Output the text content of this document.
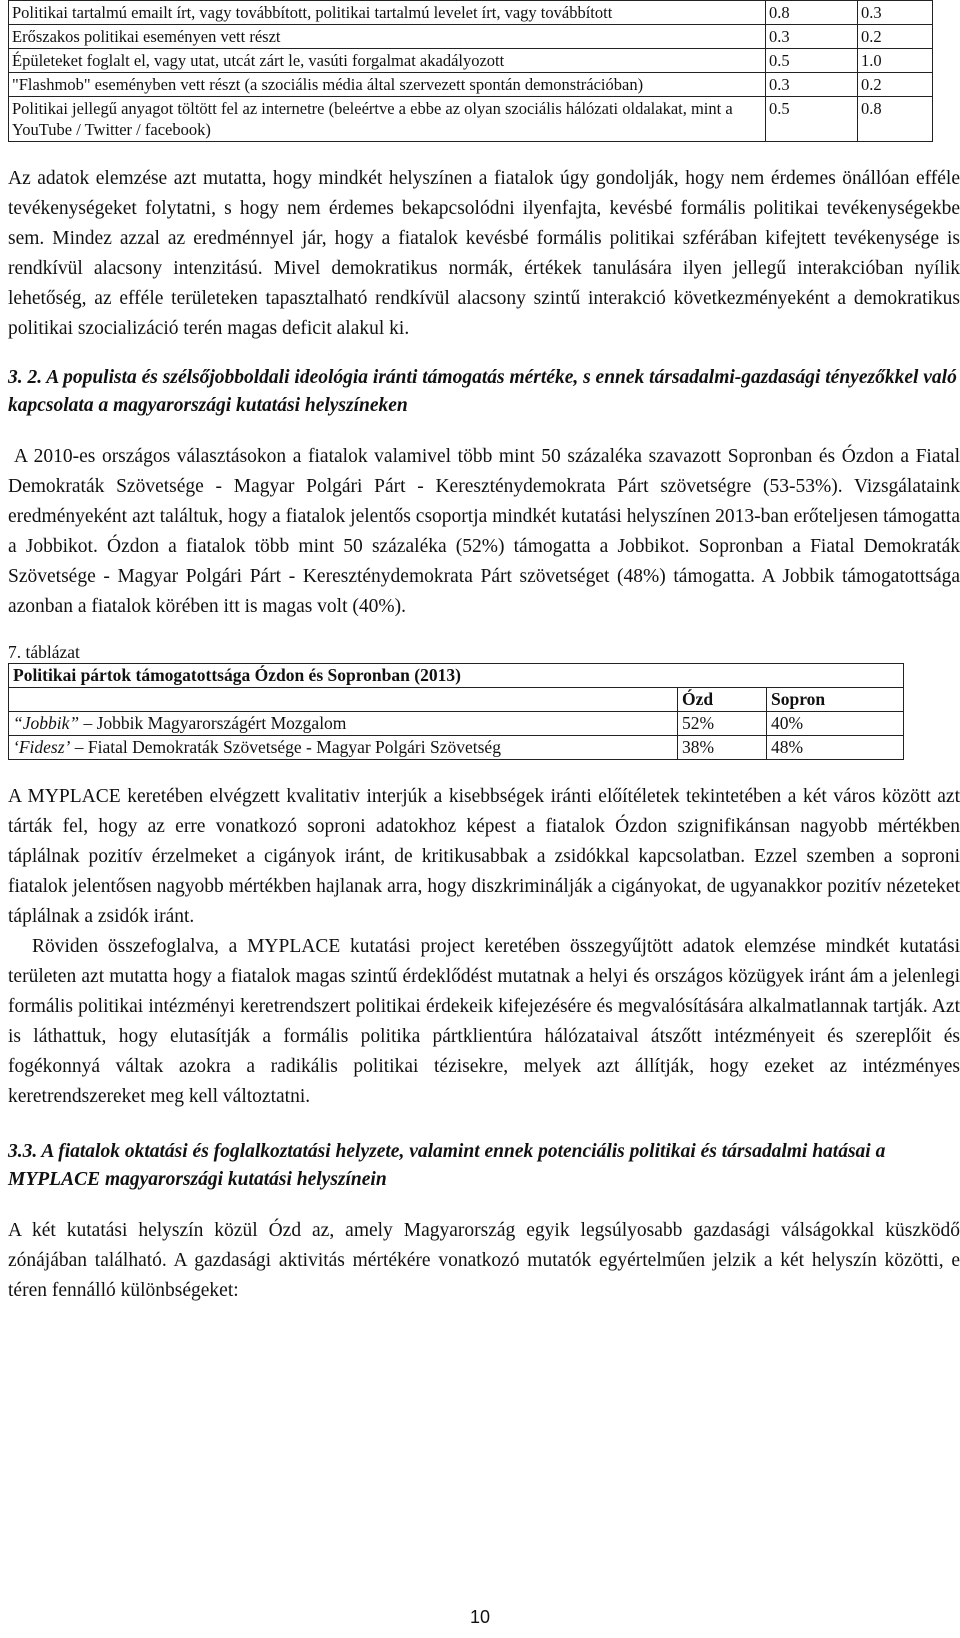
Politikai tartalmú emailt írt, vagy továbbított, politikai tartalmú levelet írt, vagy továbbított	0.8	0.3
Erőszakos politikai eseményen vett részt	0.3	0.2
Épületeket foglalt el, vagy utat, utcát zárt le, vasúti forgalmat akadályozott	0.5	1.0
"Flashmob" eseményben vett részt (a szociális média által szervezett spontán demonstrációban)	0.3	0.2
Politikai jellegű anyagot töltött fel az internetre (beleértve a ebbe az olyan szociális hálózati oldalakat, mint a YouTube / Twitter / facebook)	0.5	0.8

Az adatok elemzése azt mutatta, hogy mindkét helyszínen a fiatalok úgy gondolják, hogy nem érdemes önállóan efféle tevékenységeket folytatni, s hogy nem érdemes bekapcsolódni ilyenfajta, kevésbé formális politikai tevékenységekbe sem. Mindez azzal az eredménnyel jár, hogy a fiatalok kevésbé formális politikai szférában kifejtett tevékenysége is rendkívül alacsony intenzitású. Mivel demokratikus normák, értékek tanulására ilyen jellegű interakcióban nyílik lehetőség, az efféle területeken tapasztalható rendkívül alacsony szintű interakció következményeként a demokratikus politikai szocializáció terén magas deficit alakul ki.

3. 2. A populista és szélsőjobboldali ideológia iránti támogatás mértéke, s ennek társadalmi-gazdasági tényezőkkel való kapcsolata a magyarországi kutatási helyszíneken

A 2010-es országos választásokon a fiatalok valamivel több mint 50 százaléka szavazott Sopronban és Ózdon a Fiatal Demokraták Szövetsége - Magyar Polgári Párt - Kereszténydemokrata Párt szövetségre (53-53%). Vizsgálataink eredményeként azt találtuk, hogy a fiatalok jelentős csoportja mindkét kutatási helyszínen 2013-ban erőteljesen támogatta a Jobbikot. Ózdon a fiatalok több mint 50 százaléka (52%) támogatta a Jobbikot. Sopronban a Fiatal Demokraták Szövetsége - Magyar Polgári Párt - Kereszténydemokrata Párt szövetséget (48%) támogatta. A Jobbik támogatottsága azonban a fiatalok körében itt is magas volt (40%).

7. táblázat
Politikai pártok támogatottsága Ózdon és Sopronban (2013)		
	Ózd	Sopron
“Jobbik” – Jobbik Magyarországért Mozgalom	52%	40%
‘Fidesz’ – Fiatal Demokraták Szövetsége - Magyar Polgári Szövetség	38%	48%

A MYPLACE keretében elvégzett kvalitativ interjúk a kisebbségek iránti előítéletek tekintetében a két város között azt tárták fel, hogy az erre vonatkozó soproni adatokhoz képest a fiatalok Ózdon szignifikánsan nagyobb mértékben táplálnak pozitív érzelmeket a cigányok iránt, de kritikusabbak a zsidókkal kapcsolatban. Ezzel szemben a soproni fiatalok jelentősen nagyobb mértékben hajlanak arra, hogy diszkriminálják a cigányokat, de ugyanakkor pozitív nézeteket táplálnak a zsidók iránt.

Röviden összefoglalva, a MYPLACE kutatási project keretében összegyűjtött adatok elemzése mindkét kutatási területen azt mutatta hogy a fiatalok magas szintű érdeklődést mutatnak a helyi és országos közügyek iránt ám a jelenlegi formális politikai intézményi keretrendszert politikai érdekeik kifejezésére és megvalósítására alkalmatlannak tartják. Azt is láthattuk, hogy elutasítják a formális politika pártklientúra hálózataival átszőtt intézményeit és szereplőit és fogékonnyá váltak azokra a radikális politikai tézisekre, melyek azt állítják, hogy ezeket az intézményes keretrendszereket meg kell változtatni.

3.3. A fiatalok oktatási és foglalkoztatási helyzete, valamint ennek potenciális politikai és társadalmi hatásai a MYPLACE magyarországi kutatási helyszínein

A két kutatási helyszín közül Ózd az, amely Magyarország egyik legsúlyosabb gazdasági válságokkal küszködő zónájában található. A gazdasági aktivitás mértékére vonatkozó mutatók egyértelműen jelzik a két helyszín közötti, e téren fennálló különbségeket:

10
